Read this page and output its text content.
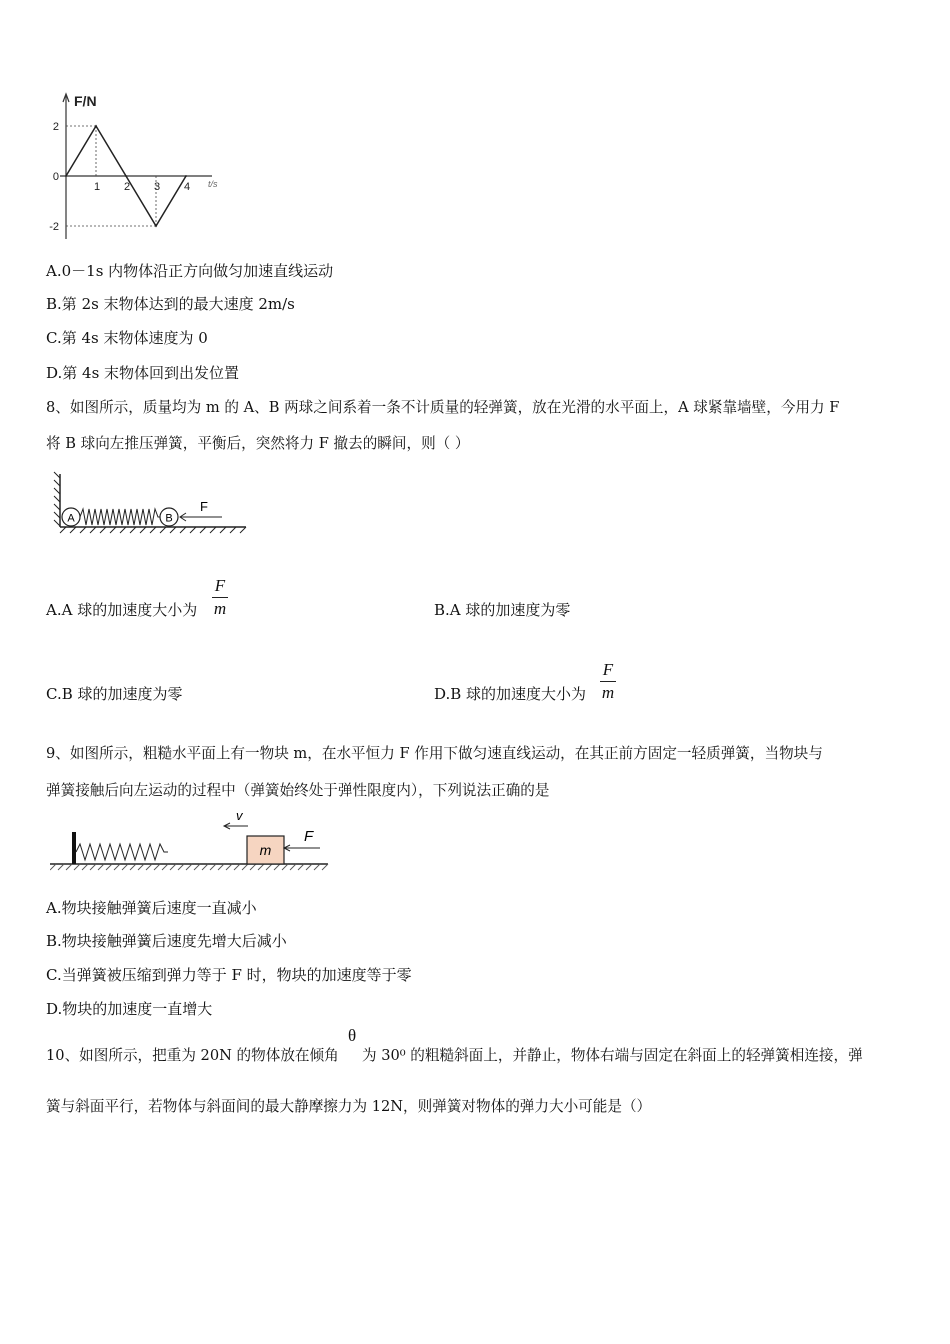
F/N
t/s
2
0
-2
1 2 3 4
A.0－1s 内物体沿正方向做匀加速直线运动
B.第 2s 末物体达到的最大速度 2m/s
C.第 4s 末物体速度为 0
D.第 4s 末物体回到出发位置
8、如图所示，质量均为 m 的 A、B 两球之间系着一条不计质量的轻弹簧，放在光滑的水平面上，A 球紧靠墙壁，今用力 F
将 B 球向左推压弹簧，平衡后，突然将力 F 撤去的瞬间，则（ ）
A	B
F
A.A 球的加速度大小为
F
m	B.A 球的加速度为零
C.B 球的加速度为零	D.B 球的加速度大小为
F
m
9、如图所示，粗糙水平面上有一物块 m，在水平恒力 F 作用下做匀速直线运动，在其正前方固定一轻质弹簧，当物块与
弹簧接触后向左运动的过程中（弹簧始终处于弹性限度内），下列说法正确的是
m
v
F
A.物块接触弹簧后速度一直减小
B.物块接触弹簧后速度先增大后减小
C.当弹簧被压缩到弹力等于 F 时，物块的加速度等于零
D.物块的加速度一直增大
10、如图所示，把重为 20N 的物体放在倾角
θ
为 30⁰ 的粗糙斜面上，并静止，物体右端与固定在斜面上的轻弹簧相连接，弹
簧与斜面平行，若物体与斜面间的最大静摩擦力为 12N，则弹簧对物体的弹力大小可能是（）
